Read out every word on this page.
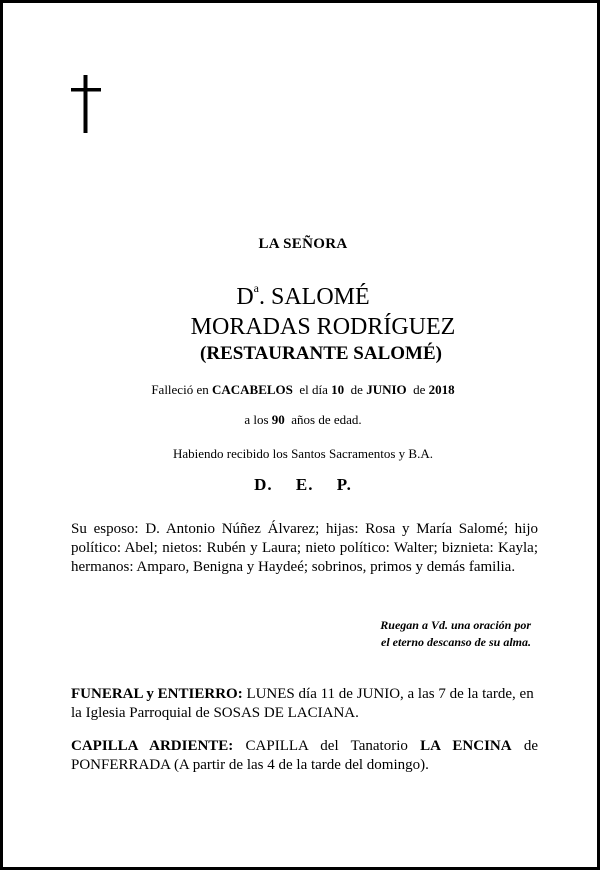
LA SEÑORA
$D^a$. SALOMÉ
MORADAS RODRÍGUEZ
(RESTAURANTE SALOMÉ)
Falleció en CACABELOS  el día 10  de JUNIO  de 2018
a los 90  años de edad.
Habiendo recibido los Santos Sacramentos y B.A.
D. E. P.
Su esposo: D. Antonio Núñez Álvarez; hijas: Rosa y María Salomé; hijo político: Abel; nietos: Rubén y Laura; nieto político: Walter; biznieta: Kayla; hermanos: Amparo, Benigna y Haydeé; sobrinos, primos y demás familia.
Ruegan a Vd. una oración por
el eterno descanso de su alma.
FUNERAL y ENTIERRO: LUNES día 11 de JUNIO, a las 7 de la tarde, en la Iglesia Parroquial de SOSAS DE LACIANA.
CAPILLA ARDIENTE: CAPILLA del Tanatorio LA ENCINA de PONFERRADA (A partir de las 4 de la tarde del domingo).
